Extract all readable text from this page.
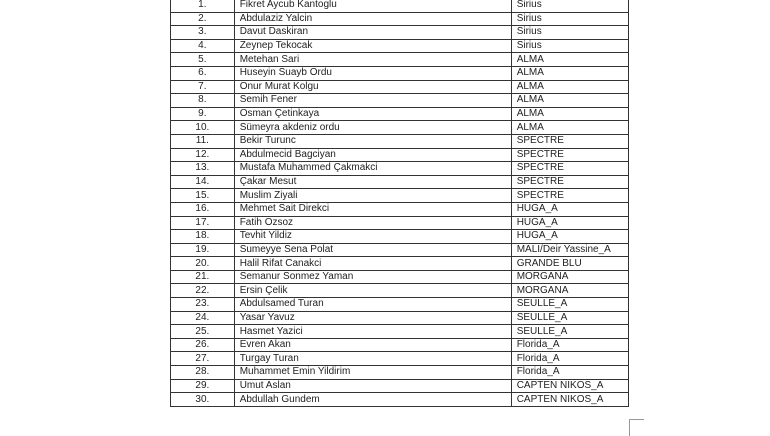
1.	Fikret Aycub Kantoglu	Sirius
2.	Abdulaziz Yalcin	Sirius
3.	Davut Daskiran	Sirius
4.	Zeynep Tekocak	Sirius
5.	Metehan Sari	ALMA
6.	Huseyin Suayb Ordu	ALMA
7.	Onur Murat Kolgu	ALMA
8.	Semih Fener	ALMA
9.	Osman Çetinkaya	ALMA
10.	Sümeyra akdeniz ordu	ALMA
11.	Bekir Turunc	SPECTRE
12.	Abdulmecid Bagciyan	SPECTRE
13.	Mustafa Muhammed Çakmakci	SPECTRE
14.	Çakar Mesut	SPECTRE
15.	Muslim Ziyali	SPECTRE
16.	Mehmet Sait Direkci	HUGA_A
17.	Fatih Ozsoz	HUGA_A
18.	Tevhit Yildiz	HUGA_A
19.	Sumeyye Sena Polat	MALI/Deir Yassine_A
20.	Halil Rifat Canakci	GRANDE BLU
21.	Semanur Sonmez Yaman	MORGANA
22.	Ersin Çelik	MORGANA
23.	Abdulsamed Turan	SEULLE_A
24.	Yasar Yavuz	SEULLE_A
25.	Hasmet Yazici	SEULLE_A
26.	Evren Akan	Florida_A
27.	Turgay Turan	Florida_A
28.	Muhammet Emin Yildirim	Florida_A
29.	Umut Aslan	CAPTEN NIKOS_A
30.	Abdullah Gundem	CAPTEN NIKOS_A
